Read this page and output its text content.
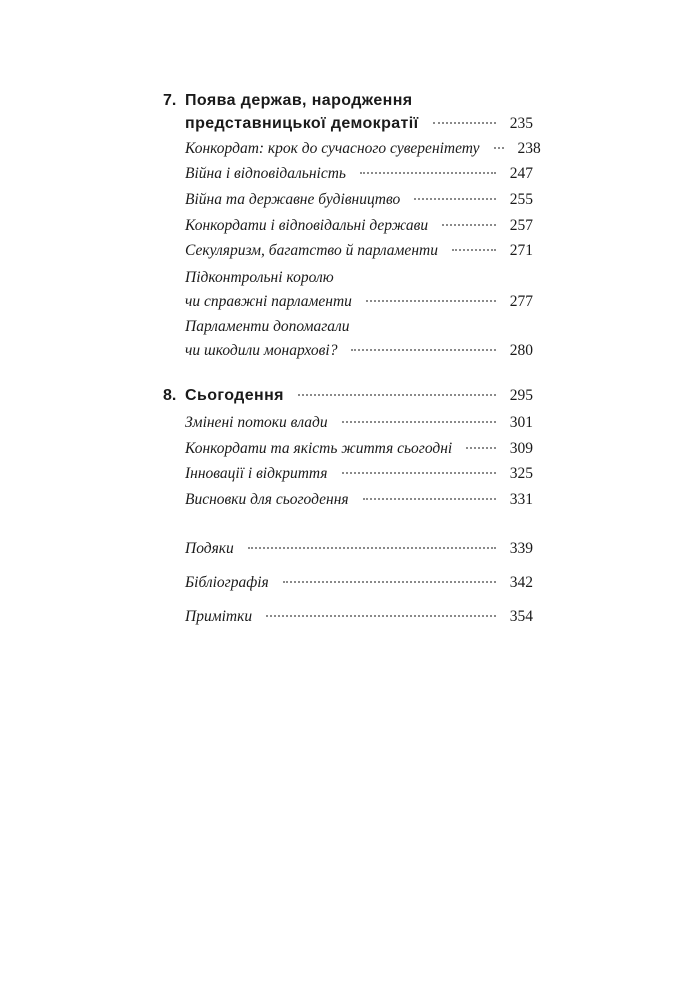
7. Поява держав, народження
представницької демократії	235
Конкордат: крок до сучасного суверенітету 238
Війна і відповідальність	247
Війна та державне будівництво	255
Конкордати і відповідальні держави	257
Секуляризм, багатство й парламенти	271
Підконтрольні королю
чи справжні парламенти	277
Парламенти допомагали
чи шкодили монархові?	280
8. Сьогодення	295
Змінені потоки влади	301
Конкордати та якість життя сьогодні	309
Інновації і відкриття	325
Висновки для сьогодення	331
Подяки	339
Бібліографія	342
Примітки	354
